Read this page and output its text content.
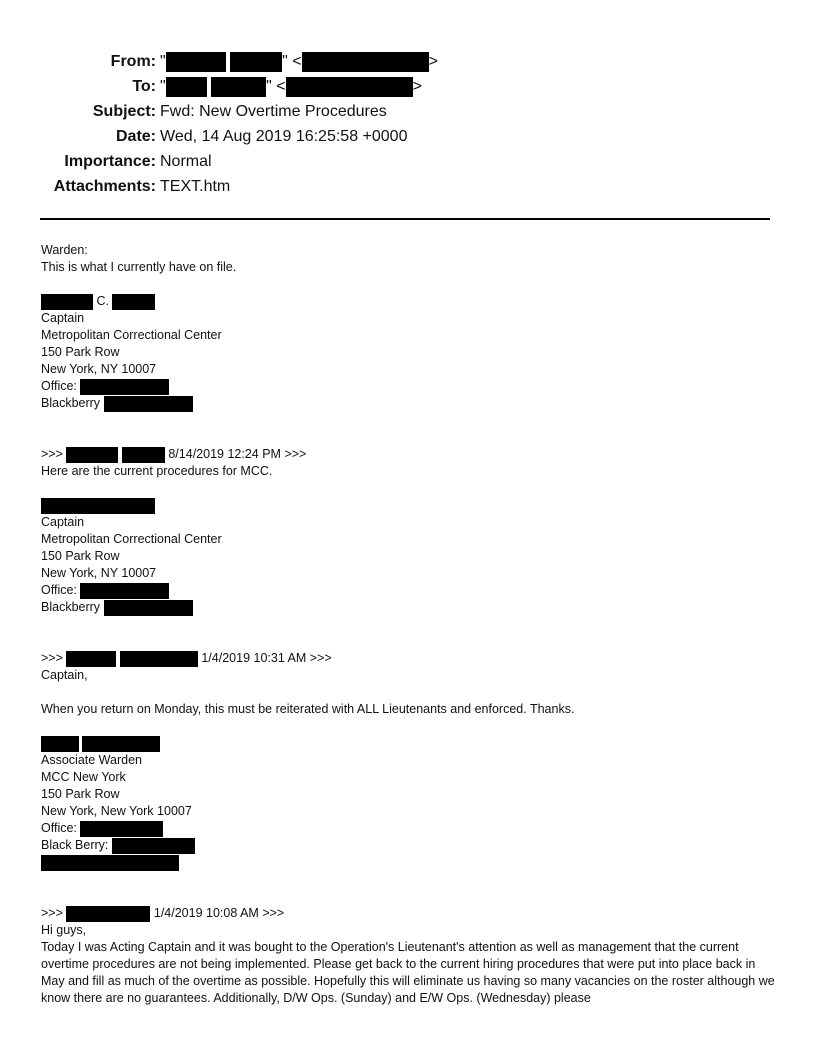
From: "	" <	>
To: "	" <	>
Subject: Fwd: New Overtime Procedures
Date: Wed, 14 Aug 2019 16:25:58 +0000
Importance: Normal
Attachments: TEXT.htm
Warden:
This is what I currently have on file.
C.
Captain
Metropolitan Correctional Center
150 Park Row
New York, NY 10007
Office:
Blackberry
>>>	8/14/2019 12:24 PM >>>
Here are the current procedures for MCC.
Captain
Metropolitan Correctional Center
150 Park Row
New York, NY 10007
Office:
Blackberry
>>>	1/4/2019 10:31 AM >>>
Captain,
When you return on Monday, this must be reiterated with ALL Lieutenants and enforced. Thanks.

Associate Warden
MCC New York
150 Park Row
New York, New York 10007
Office:
Black Berry:
>>>	1/4/2019 10:08 AM >>>
Hi guys,
Today I was Acting Captain and it was bought to the Operation's Lieutenant's attention as well as management that the current overtime procedures are not being implemented. Please get back to the current hiring procedures that were put into place back in May and fill as much of the overtime as possible. Hopefully this will eliminate us having so many vacancies on the roster although we know there are no guarantees. Additionally, D/W Ops. (Sunday) and E/W Ops. (Wednesday) please
